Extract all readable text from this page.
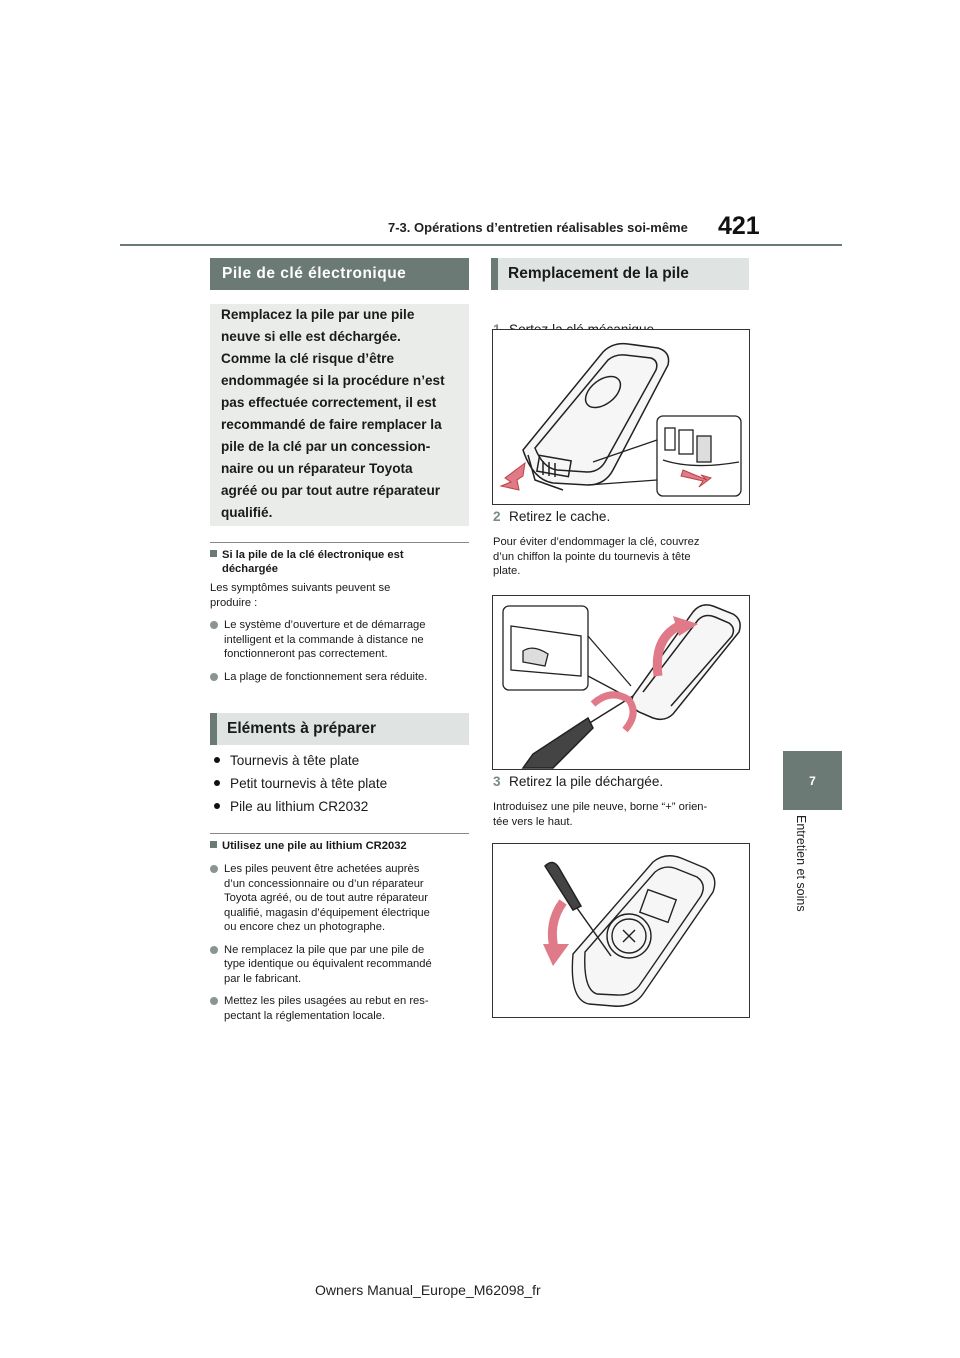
7-3. Opérations d’entretien réalisables soi-même 421
7
Entretien et soins
Pile de clé électronique
Remplacez la pile par une pile
neuve si elle est déchargée.
Comme la clé risque d’être
endommagée si la procédure n’est
pas effectuée correctement, il est
recommandé de faire remplacer la
pile de la clé par un concession-
naire ou un réparateur Toyota
agréé ou par tout autre réparateur
qualifié.
Si la pile de la clé électronique est
déchargée
Les symptômes suivants peuvent se
produire :
Le système d’ouverture et de démarrage
intelligent et la commande à distance ne
fonctionneront pas correctement.
La plage de fonctionnement sera réduite.
Eléments à préparer
Tournevis à tête plate
Petit tournevis à tête plate
Pile au lithium CR2032
Utilisez une pile au lithium CR2032
Les piles peuvent être achetées auprès
d’un concessionnaire ou d’un réparateur
Toyota agréé, ou de tout autre réparateur
qualifié, magasin d’équipement électrique
ou encore chez un photographe.
Ne remplacez la pile que par une pile de
type identique ou équivalent recommandé
par le fabricant.
Mettez les piles usagées au rebut en res-
pectant la réglementation locale.
Remplacement de la pile
1 Sortez la clé mécanique.
2 Retirez le cache.
Pour éviter d’endommager la clé, couvrez
d’un chiffon la pointe du tournevis à tête
plate.
3 Retirez la pile déchargée.
Introduisez une pile neuve, borne “+” orien-
tée vers le haut.
Owners Manual_Europe_M62098_fr
